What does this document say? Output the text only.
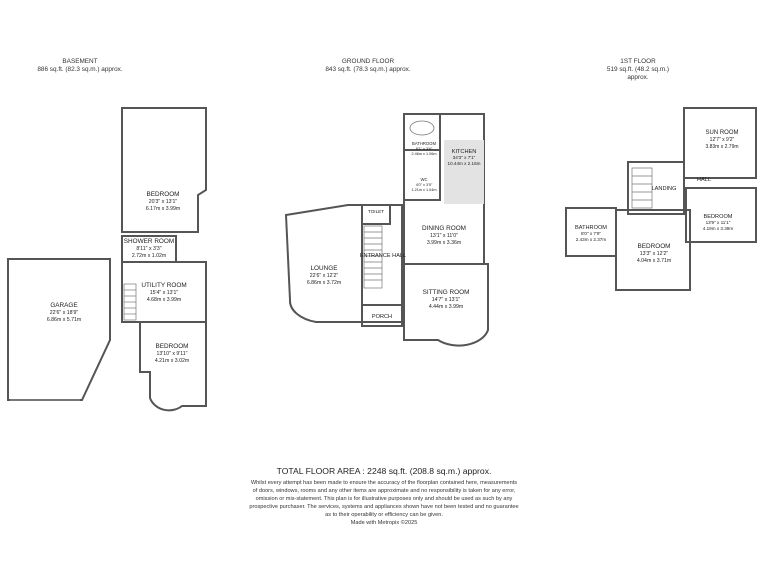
BASEMENT
886 sq.ft. (82.3 sq.m.) approx.
GROUND FLOOR
843 sq.ft. (78.3 sq.m.) approx.
1ST FLOOR
519 sq.ft. (48.2 sq.m.) approx.
GARAGE
22'6" x 18'9"
6.86m x 5.71m
BEDROOM
20'3" x 13'1"
6.17m x 3.99m
SHOWER ROOM
8'11" x 3'3"
2.72m x 1.02m
UTILITY ROOM
15'4" x 13'1"
4.68m x 3.99m
BEDROOM
13'10" x 9'11"
4.21m x 3.02m
LOUNGE
22'6" x 12'2"
6.86m x 3.72m
ENTRANCE HALL
TOILET
PORCH
DINING ROOM
13'1" x 11'0"
3.99m x 3.36m
SITTING ROOM
14'7" x 13'1"
4.44m x 3.99m
KITCHEN
34'3" x 7'1"
10.44m x 2.16m
BATHROOM
8'1" x 3'6"
2.46m x 1.06m
WC
4'0" x 3'5"
1.21m x 1.04m
SUN ROOM
12'7" x 9'2"
3.83m x 2.79m
LANDING
HALL
BEDROOM
13'9" x 11'1"
4.19m x 3.39m
BATHROOM
8'0" x 7'9"
2.43m x 2.37m
BEDROOM
13'3" x 12'2"
4.04m x 3.71m
TOTAL FLOOR AREA : 2248 sq.ft. (208.8 sq.m.) approx.
Whilst every attempt has been made to ensure the accuracy of the floorplan contained here, measurements
of doors, windows, rooms and any other items are approximate and no responsibility is taken for any error,
omission or mis-statement. This plan is for illustrative purposes only and should be used as such by any
prospective purchaser. The services, systems and appliances shown have not been tested and no guarantee
as to their operability or efficiency can be given.
Made with Metropix ©2025
